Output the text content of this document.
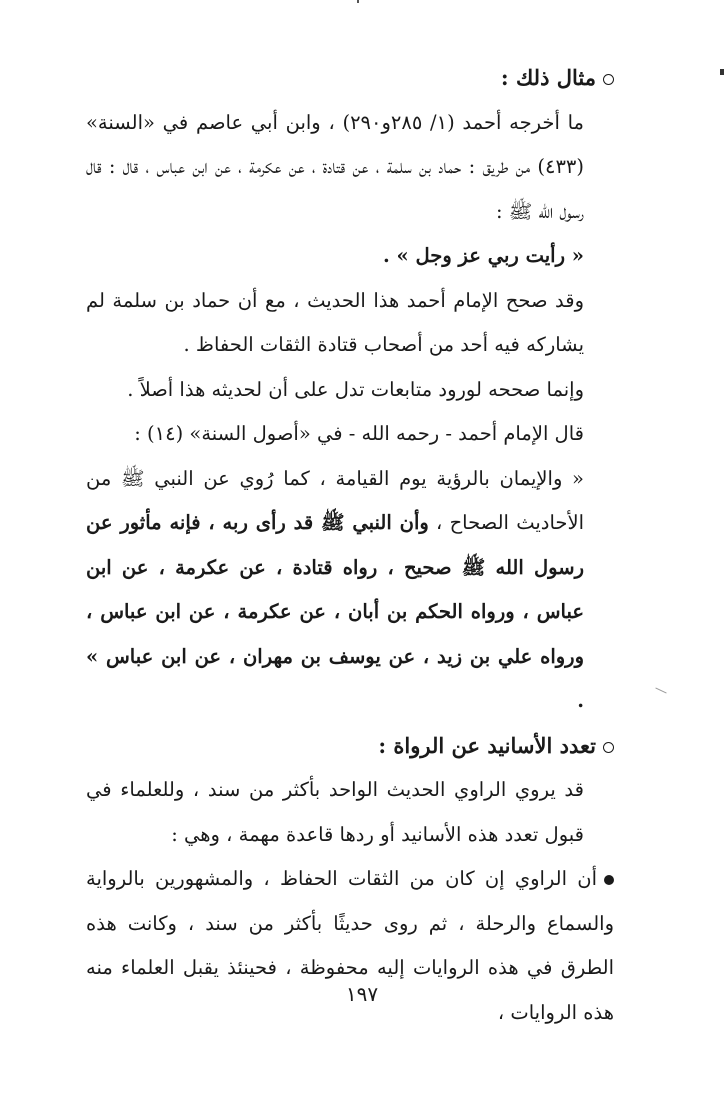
مثال ذلك :

ما أخرجه أحمد (١/ ٢٨٥و٢٩٠) ، وابن أبي عاصم في «السنة» (٤٣٣) من طريق : حماد بن سلمة ، عن قتادة ، عن عكرمة ، عن ابن عباس ، قال : قال رسول الله ﷺ :

« رأيت ربي عز وجل » .

وقد صحح الإمام أحمد هذا الحديث ، مع أن حماد بن سلمة لم يشاركه فيه أحد من أصحاب قتادة الثقات الحفاظ .

وإنما صححه لورود متابعات تدل على أن لحديثه هذا أصلاً .

قال الإمام أحمد - رحمه الله - في «أصول السنة» (١٤) :

« والإيمان بالرؤية يوم القيامة ، كما رُوي عن النبي ﷺ من الأحاديث الصحاح ، وأن النبي ﷺ قد رأى ربه ، فإنه مأثور عن رسول الله ﷺ صحيح ، رواه قتادة ، عن عكرمة ، عن ابن عباس ، ورواه الحكم بن أبان ، عن عكرمة ، عن ابن عباس ، ورواه علي بن زيد ، عن يوسف بن مهران ، عن ابن عباس » .

تعدد الأسانيد عن الرواة :

قد يروي الراوي الحديث الواحد بأكثر من سند ، وللعلماء في قبول تعدد هذه الأسانيد أو ردها قاعدة مهمة ، وهي :

أن الراوي إن كان من الثقات الحفاظ ، والمشهورين بالرواية والسماع والرحلة ، ثم روى حديثًا بأكثر من سند ، وكانت هذه الطرق في هذه الروايات إليه محفوظة ، فحينئذ يقبل العلماء منه هذه الروايات ،

١٩٧
